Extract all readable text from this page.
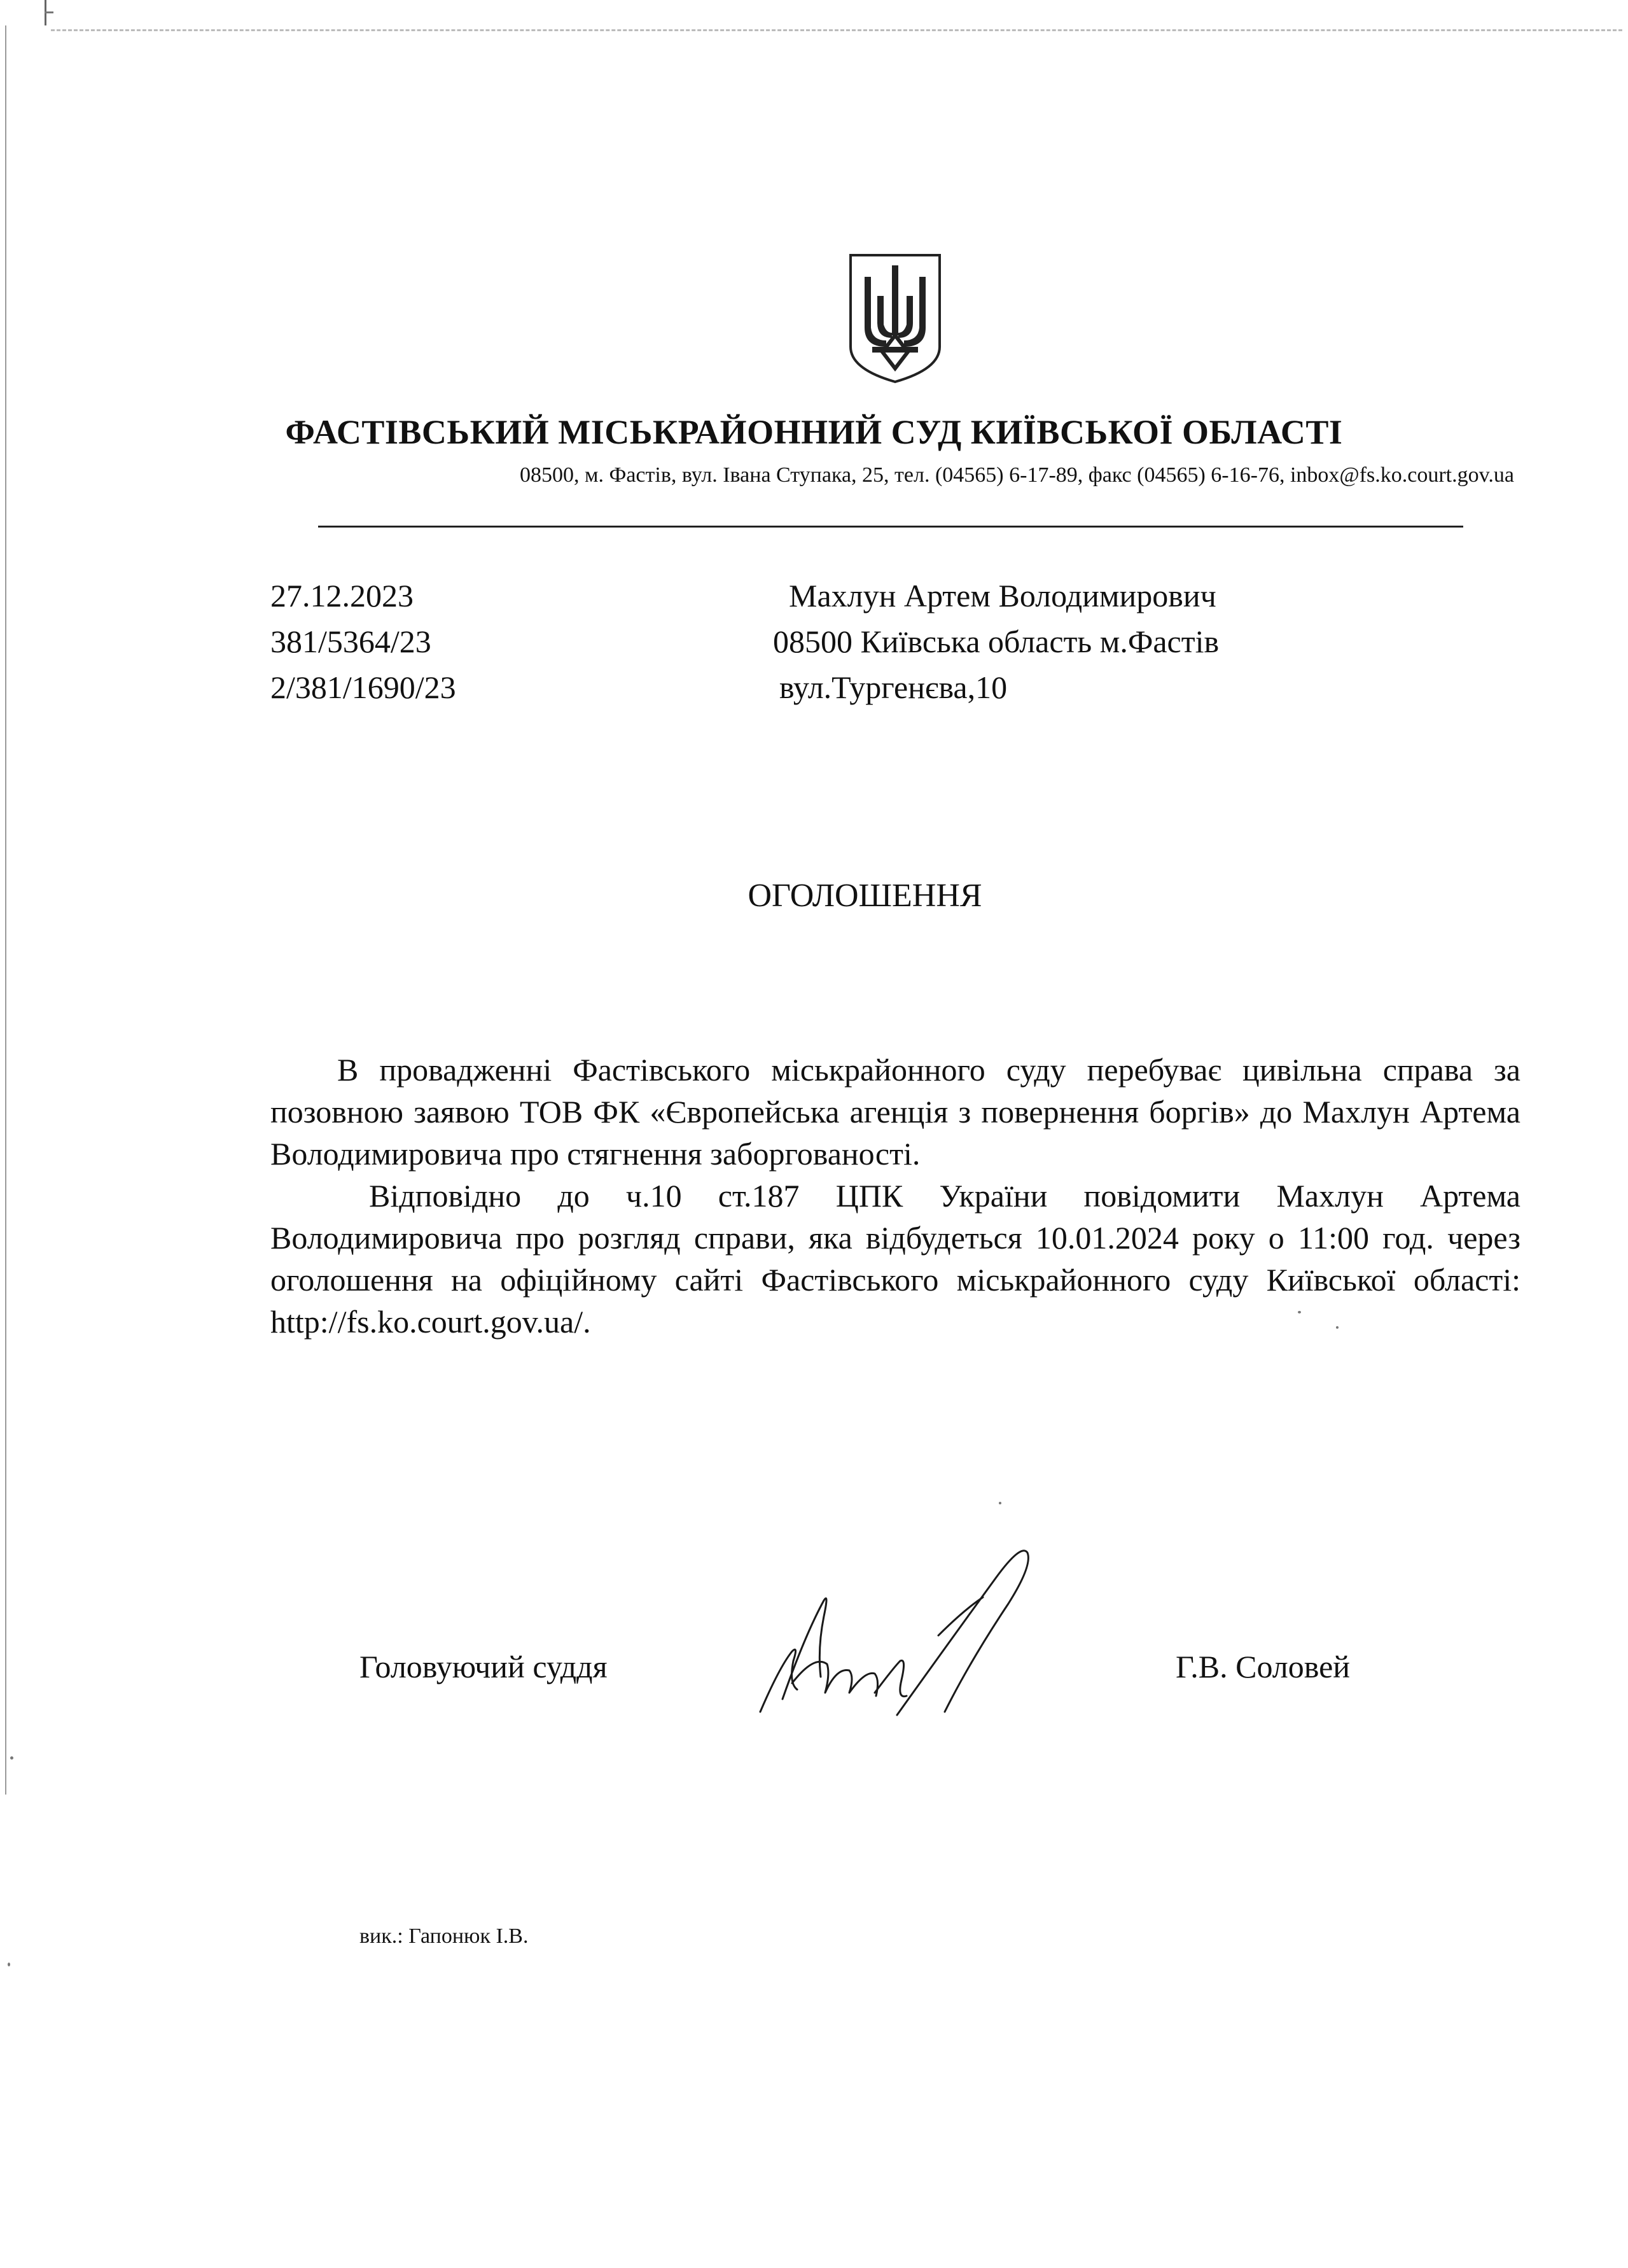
ФАСТІВСЬКИЙ МІСЬКРАЙОННИЙ СУД КИЇВСЬКОЇ ОБЛАСТІ
08500, м. Фастів, вул. Івана Ступака, 25, тел. (04565) 6-17-89, факс (04565) 6-16-76, inbox@fs.ko.court.gov.ua
27.12.2023
381/5364/23
2/381/1690/23
Махлун Артем Володимирович
08500 Київська область м.Фастів
вул.Тургенєва,10
ОГОЛОШЕННЯ

В провадженні Фастівського міськрайонного суду перебуває цивільна справа за позовною заявою ТОВ ФК «Європейська агенція з повернення боргів» до Махлун Артема Володимировича про стягнення заборгованості.

Відповідно до ч.10 ст.187 ЦПК України повідомити Махлун Артема Володимировича про розгляд справи, яка відбудеться 10.01.2024 року о 11:00 год. через оголошення на офіційному сайті Фастівського міськрайонного суду Київської області: http://fs.ko.court.gov.ua/.

Головуючий суддя	Г.В. Соловей
вик.: Гапонюк І.В.
